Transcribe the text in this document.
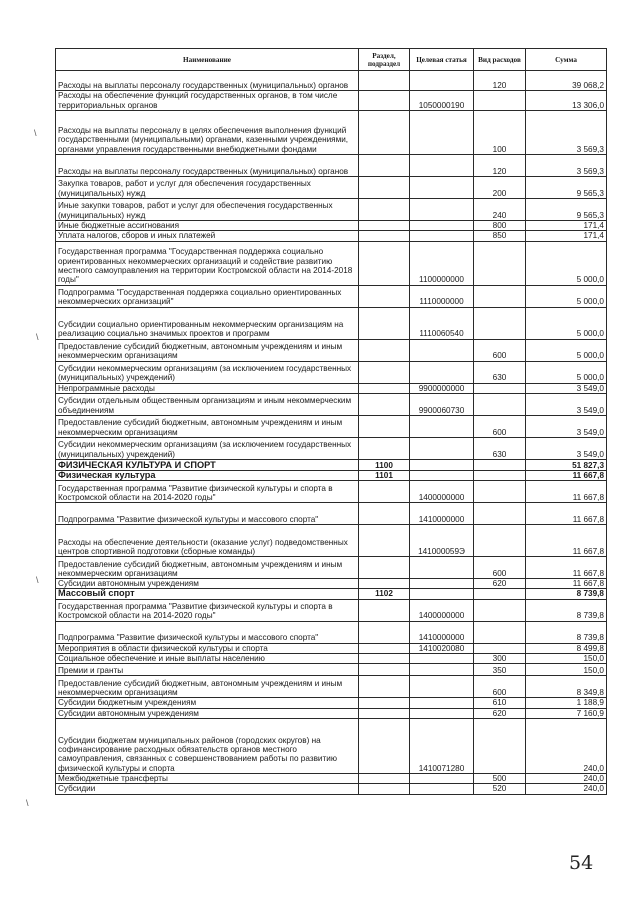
\
\
\
\
Наименование	Раздел, подраздел	Целевая статья	Вид расходов	Сумма
Расходы на выплаты персоналу государственных (муниципальных) органов			120	39 068,2
Расходы на обеспечение функций государственных органов, в том числе территориальных органов		1050000190		13 306,0
Расходы на выплаты персоналу в целях обеспечения выполнения функций государственными (муниципальными) органами, казенными учреждениями, органами управления государственными внебюджетными фондами			100	3 569,3
Расходы на выплаты персоналу государственных (муниципальных) органов			120	3 569,3
Закупка товаров, работ и услуг для обеспечения государственных (муниципальных) нужд			200	9 565,3
Иные закупки товаров, работ и услуг для обеспечения государственных (муниципальных) нужд			240	9 565,3
Иные бюджетные ассигнования			800	171,4
Уплата налогов, сборов и иных платежей			850	171,4
Государственная программа "Государственная поддержка социально ориентированных некоммерческих организаций и содействие развитию местного самоуправления на территории Костромской области на 2014-2018 годы"		1100000000		5 000,0
Подпрограмма "Государственная поддержка социально ориентированных некоммерческих организаций"		1110000000		5 000,0
Субсидии социально ориентированным некоммерческим организациям на реализацию социально значимых проектов и программ		1110060540		5 000,0
Предоставление субсидий бюджетным, автономным учреждениям и иным некоммерческим организациям			600	5 000,0
Субсидии некоммерческим организациям (за исключением государственных (муниципальных) учреждений)			630	5 000,0
Непрограммные расходы		9900000000		3 549,0
Субсидии отдельным общественным организациям и иным некоммерческим объединениям		9900060730		3 549,0
Предоставление субсидий бюджетным, автономным учреждениям и иным некоммерческим организациям			600	3 549,0
Субсидии некоммерческим организациям (за исключением государственных (муниципальных) учреждений)			630	3 549,0
ФИЗИЧЕСКАЯ КУЛЬТУРА И СПОРТ	1100			51 827,3
Физическая культура	1101			11 667,8
Государственная программа "Развитие физической культуры и спорта в Костромской области на 2014-2020 годы"		1400000000		11 667,8
Подпрограмма "Развитие физической культуры и массового спорта"		1410000000		11 667,8
Расходы на обеспечение деятельности (оказание услуг) подведомственных центров спортивной подготовки (сборные команды)		141000059Э		11 667,8
Предоставление субсидий бюджетным, автономным учреждениям и иным некоммерческим организациям			600	11 667,8
Субсидии автономным учреждениям			620	11 667,8
Массовый спорт	1102			8 739,8
Государственная программа "Развитие физической культуры и спорта в Костромской области на 2014-2020 годы"		1400000000		8 739,8
Подпрограмма "Развитие физической культуры и массового спорта"		1410000000		8 739,8
Мероприятия в области физической культуры и спорта		1410020080		8 499,8
Социальное обеспечение и иные выплаты населению			300	150,0
Премии и гранты			350	150,0
Предоставление субсидий бюджетным, автономным учреждениям и иным некоммерческим организациям			600	8 349,8
Субсидии бюджетным учреждениям			610	1 188,9
Субсидии автономным учреждениям			620	7 160,9
Субсидии бюджетам муниципальных районов (городских округов) на софинансирование расходных обязательств органов местного самоуправления, связанных с совершенствованием работы по развитию физической культуры и спорта		1410071280		240,0
Межбюджетные трансферты			500	240,0
Субсидии			520	240,0
54
